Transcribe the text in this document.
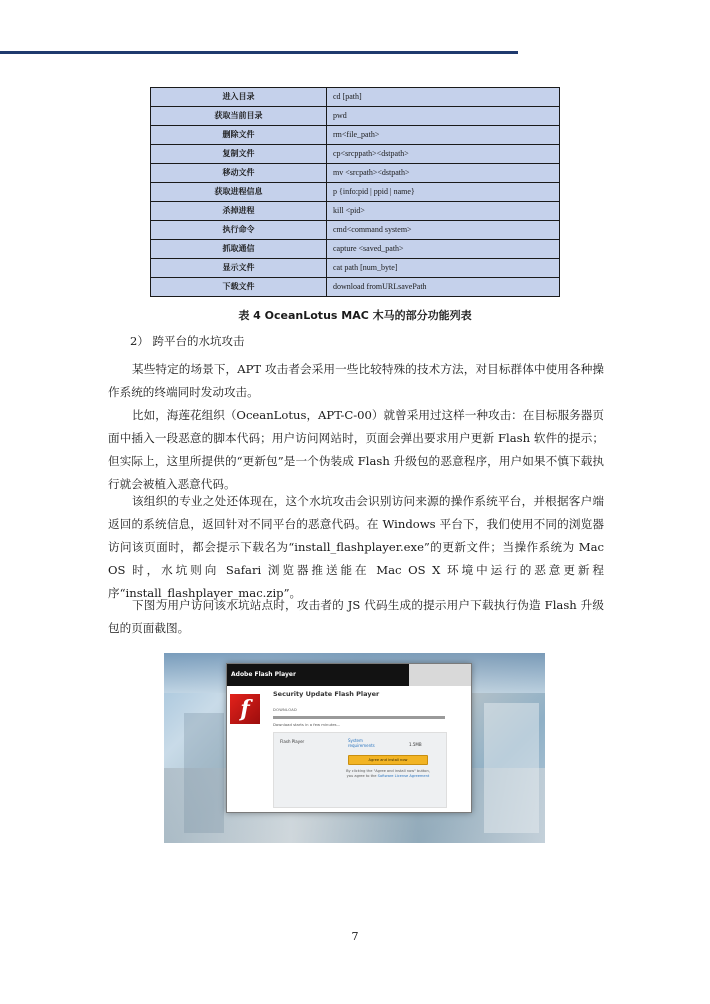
进入目录	cd [path]
获取当前目录	pwd
删除文件	rm<file_path>
复制文件	cp<srcppath><dstpath>
移动文件	mv <srcpath><dstpath>
获取进程信息	p {info:pid | ppid | name}
杀掉进程	kill <pid>
执行命令	cmd<command system>
抓取通信	capture <saved_path>
显示文件	cat path [num_byte]
下载文件	download fromURLsavePath
表 4 OceanLotus MAC 木马的部分功能列表
2） 跨平台的水坑攻击

某些特定的场景下，APT 攻击者会采用一些比较特殊的技术方法，对目标群体中使用各种操作系统的终端同时发动攻击。

比如，海莲花组织（OceanLotus，APT-C-00）就曾采用过这样一种攻击：在目标服务器页面中插入一段恶意的脚本代码；用户访问网站时，页面会弹出要求用户更新 Flash 软件的提示；但实际上，这里所提供的“更新包”是一个伪装成 Flash 升级包的恶意程序，用户如果不慎下载执行就会被植入恶意代码。

该组织的专业之处还体现在，这个水坑攻击会识别访问来源的操作系统平台，并根据客户端返回的系统信息，返回针对不同平台的恶意代码。在 Windows 平台下，我们使用不同的浏览器访问该页面时，都会提示下载名为“install_flashplayer.exe”的更新文件；当操作系统为 Mac OS 时，水坑则向 Safari 浏览器推送能在 Mac OS X 环境中运行的恶意更新程序“install_flashplayer_mac.zip”。

下图为用户访问该水坑站点时，攻击者的 JS 代码生成的提示用户下载执行伪造 Flash 升级包的页面截图。

Adobe Flash Player
f
Security Update Flash Player
DOWNLOAD
Download starts in a few minutes...
Flash Player	System requirements	1.5MB
Agree and install now
By clicking the "Agree and install now" button, you agree to the Software License Agreement
7
